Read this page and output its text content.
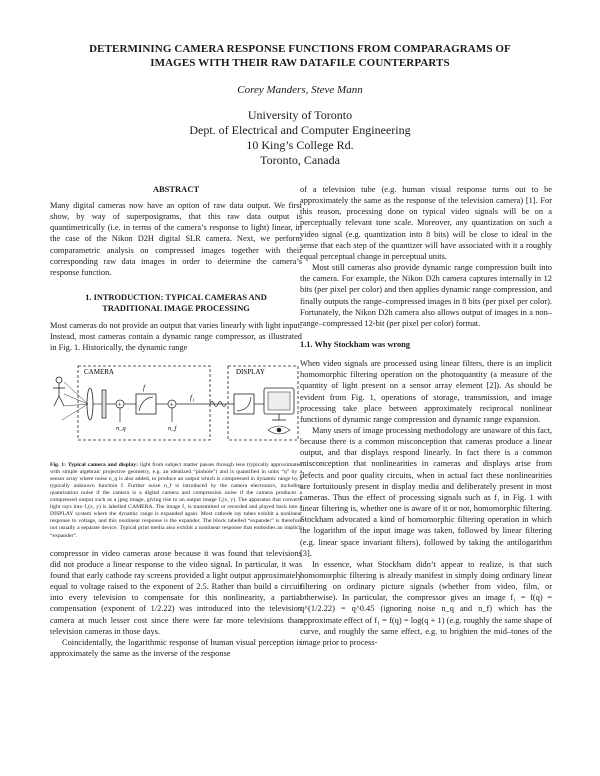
DETERMINING CAMERA RESPONSE FUNCTIONS FROM COMPARAGRAMS OF
IMAGES WITH THEIR RAW DATAFILE COUNTERPARTS
Corey Manders, Steve Mann
University of Toronto
Dept. of Electrical and Computer Engineering
10 King’s College Rd.
Toronto, Canada
ABSTRACT

Many digital cameras now have an option of raw data output. We first show, by way of superposigrams, that this raw data output is quantimetrically (i.e. in terms of the camera’s response to light) linear, in the case of the Nikon D2H digital SLR camera. Next, we perform comparametric analysis on compressed images together with their corresponding raw data images in order to determine the camera’s response function.

1. INTRODUCTION: TYPICAL CAMERAS AND TRADITIONAL IMAGE PROCESSING

Most cameras do not provide an output that varies linearly with light input. Instead, most cameras contain a dynamic range compressor, as illustrated in Fig. 1. Historically, the dynamic range

CAMERA	DISPLAY
+
n_q
f
+
n_f
f₁

Fig. 1: Typical camera and display: light from subject matter passes through lens (typically approximated with simple algebraic projective geometry, e.g. an idealized “pinhole”) and is quantified in units “q” by a sensor array where noise n_q is also added, to produce an output which is compressed in dynamic range by a typically unknown function f. Further noise n_f is introduced by the camera electronics, including quantization noise if the camera is a digital camera and compression noise if the camera produces a compressed output such as a jpeg image, giving rise to an output image f₁(x, y). The apparatus that converts light rays into f₁(x, y) is labelled CAMERA. The image f₁ is transmitted or recorded and played back into a DISPLAY system where the dynamic range is expanded again. Most cathode ray tubes exhibit a nonlinear response to voltage, and this nonlinear response is the expander. The block labelled “expander” is therefore not usually a separate device. Typical print media also exhibit a nonlinear response that embodies an implicit “expander”.

compressor in video cameras arose because it was found that televisions did not produce a linear response to the video signal. In particular, it was found that early cathode ray screens provided a light output approximately equal to voltage raised to the exponent of 2.5. Rather than build a circuit into every television to compensate for this nonlinearity, a partial compensation (exponent of 1/2.22) was introduced into the television camera at much lesser cost since there were far more televisions than television cameras in those days.

Coincidentally, the logarithmic response of human visual perception is approximately the same as the inverse of the response

of a television tube (e.g. human visual response turns out to be approximately the same as the response of the television camera) [1]. For this reason, processing done on typical video signals will be on a perceptually relevant tone scale. Moreover, any quantization on such a video signal (e.g. quantization into 8 bits) will be close to ideal in the sense that each step of the quantizer will have associated with it a roughly equal perceptual change in perceptual units.

Most still cameras also provide dynamic range compression built into the camera. For example, the Nikon D2h camera captures internally in 12 bits (per pixel per color) and then applies dynamic range compression, and finally outputs the range–compressed images in 8 bits (per pixel per color). Fortunately, the Nikon D2h camera also allows output of images in a non–range–compressed 12-bit (per pixel per color) format.

1.1. Why Stockham was wrong

When video signals are processed using linear filters, there is an implicit homomorphic filtering operation on the photoquantity (a measure of the quantity of light present on a sensor array element [2]). As should be evident from Fig. 1, operations of storage, transmission, and image processing take place between approximately reciprocal nonlinear functions of dynamic range compression and dynamic range expansion.

Many users of image processing methodology are unaware of this fact, because there is a common misconception that cameras produce a linear output, and that displays respond linearly. In fact there is a common misconception that nonlinearities in cameras and displays arise from defects and poor quality circuits, when in actual fact these nonlinearities are fortuitously present in display media and deliberately present in most cameras. Thus the effect of processing signals such as f₁ in Fig. 1 with linear filtering is, whether one is aware of it or not, homomorphic filtering. Stockham advocated a kind of homomorphic filtering operation in which the logarithm of the input image was taken, followed by linear filtering (e.g. linear space invariant filters), followed by taking the antilogarithm [3].

In essence, what Stockham didn’t appear to realize, is that such homomorphic filtering is already manifest in simply doing ordinary linear filtering on ordinary picture signals (whether from video, film, or otherwise). In particular, the compressor gives an image f₁ = f(q) = q^(1/2.22) = q^0.45 (ignoring noise n_q and n_f) which has the approximate effect of f₁ = f(q) = log(q + 1) (e.g. roughly the same shape of curve, and roughly the same effect, e.g. to brighten the mid–tones of the image prior to process-
